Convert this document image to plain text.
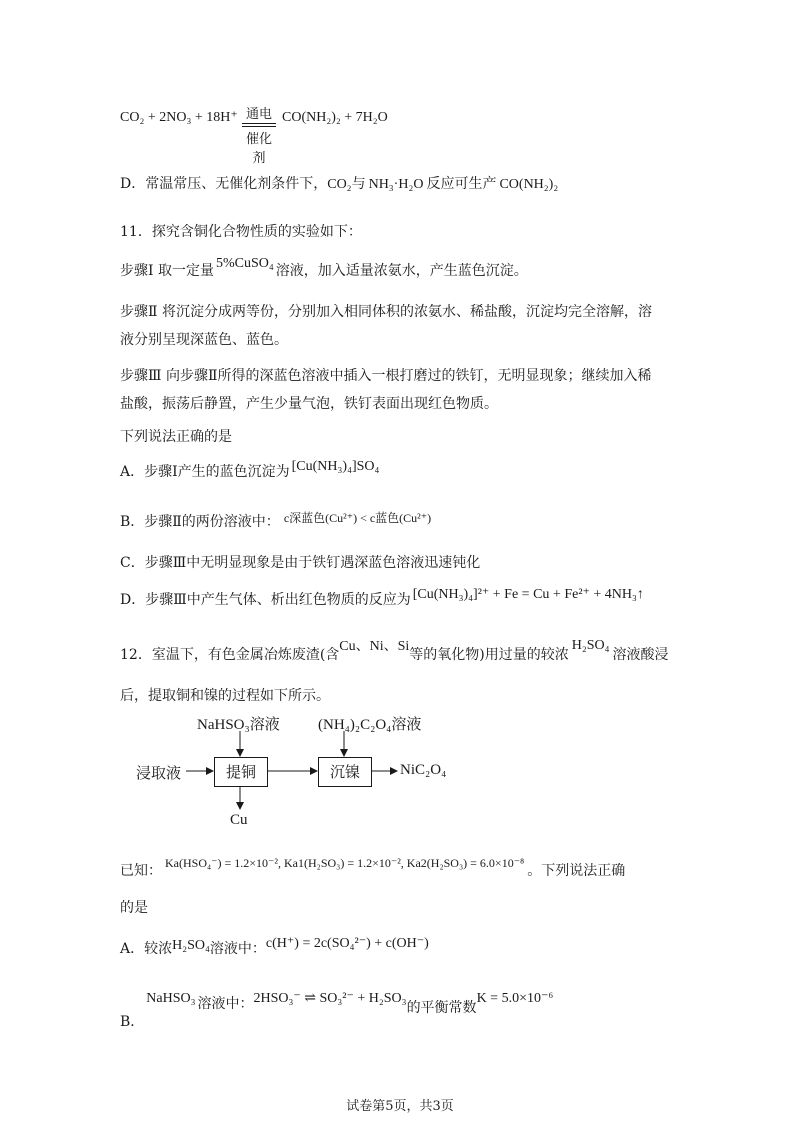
CO₂ + 2NO₃ + 18H⁺ 通电
催化剂
CO(NH₂)₂ + 7H₂O
D．常温常压、无催化剂条件下，CO₂与 NH₃·H₂O 反应可生产 CO(NH₂)₂
11．探究含铜化合物性质的实验如下：
步骤Ⅰ 取一定量 5%CuSO₄ 溶液，加入适量浓氨水，产生蓝色沉淀。
步骤Ⅱ 将沉淀分成两等份，分别加入相同体积的浓氨水、稀盐酸，沉淀均完全溶解，溶
液分别呈现深蓝色、蓝色。
步骤Ⅲ 向步骤Ⅱ所得的深蓝色溶液中插入一根打磨过的铁钉，无明显现象；继续加入稀
盐酸，振荡后静置，产生少量气泡，铁钉表面出现红色物质。
下列说法正确的是
A．步骤Ⅰ产生的蓝色沉淀为 [Cu(NH₃)₄]SO₄
B．步骤Ⅱ的两份溶液中： c深蓝色(Cu²⁺) < c蓝色(Cu²⁺)
C．步骤Ⅲ中无明显现象是由于铁钉遇深蓝色溶液迅速钝化
D．步骤Ⅲ中产生气体、析出红色物质的反应为 [Cu(NH₃)₄]²⁺ + Fe = Cu + Fe²⁺ + 4NH₃↑
12．室温下，有色金属冶炼废渣(含Cu、Ni、Si等的氧化物)用过量的较浓H₂SO₄溶液酸浸
后，提取铜和镍的过程如下所示。
NaHSO₃溶液	(NH₄)₂C₂O₄溶液
浸取液	提铜	沉镍	NiC₂O₄
Cu
已知： Ka(HSO₄⁻) = 1.2×10⁻², Ka1(H₂SO₃) = 1.2×10⁻², Ka2(H₂SO₃) = 6.0×10⁻⁸ 。下列说法正确
的是
A．较浓H₂SO₄溶液中：c(H⁺) = 2c(SO₄²⁻) + c(OH⁻)
B．NaHSO₃ 溶液中：2HSO₃⁻ ⇌ SO₃²⁻ + H₂SO₃的平衡常数K = 5.0×10⁻⁶
试卷第5页，共3页
